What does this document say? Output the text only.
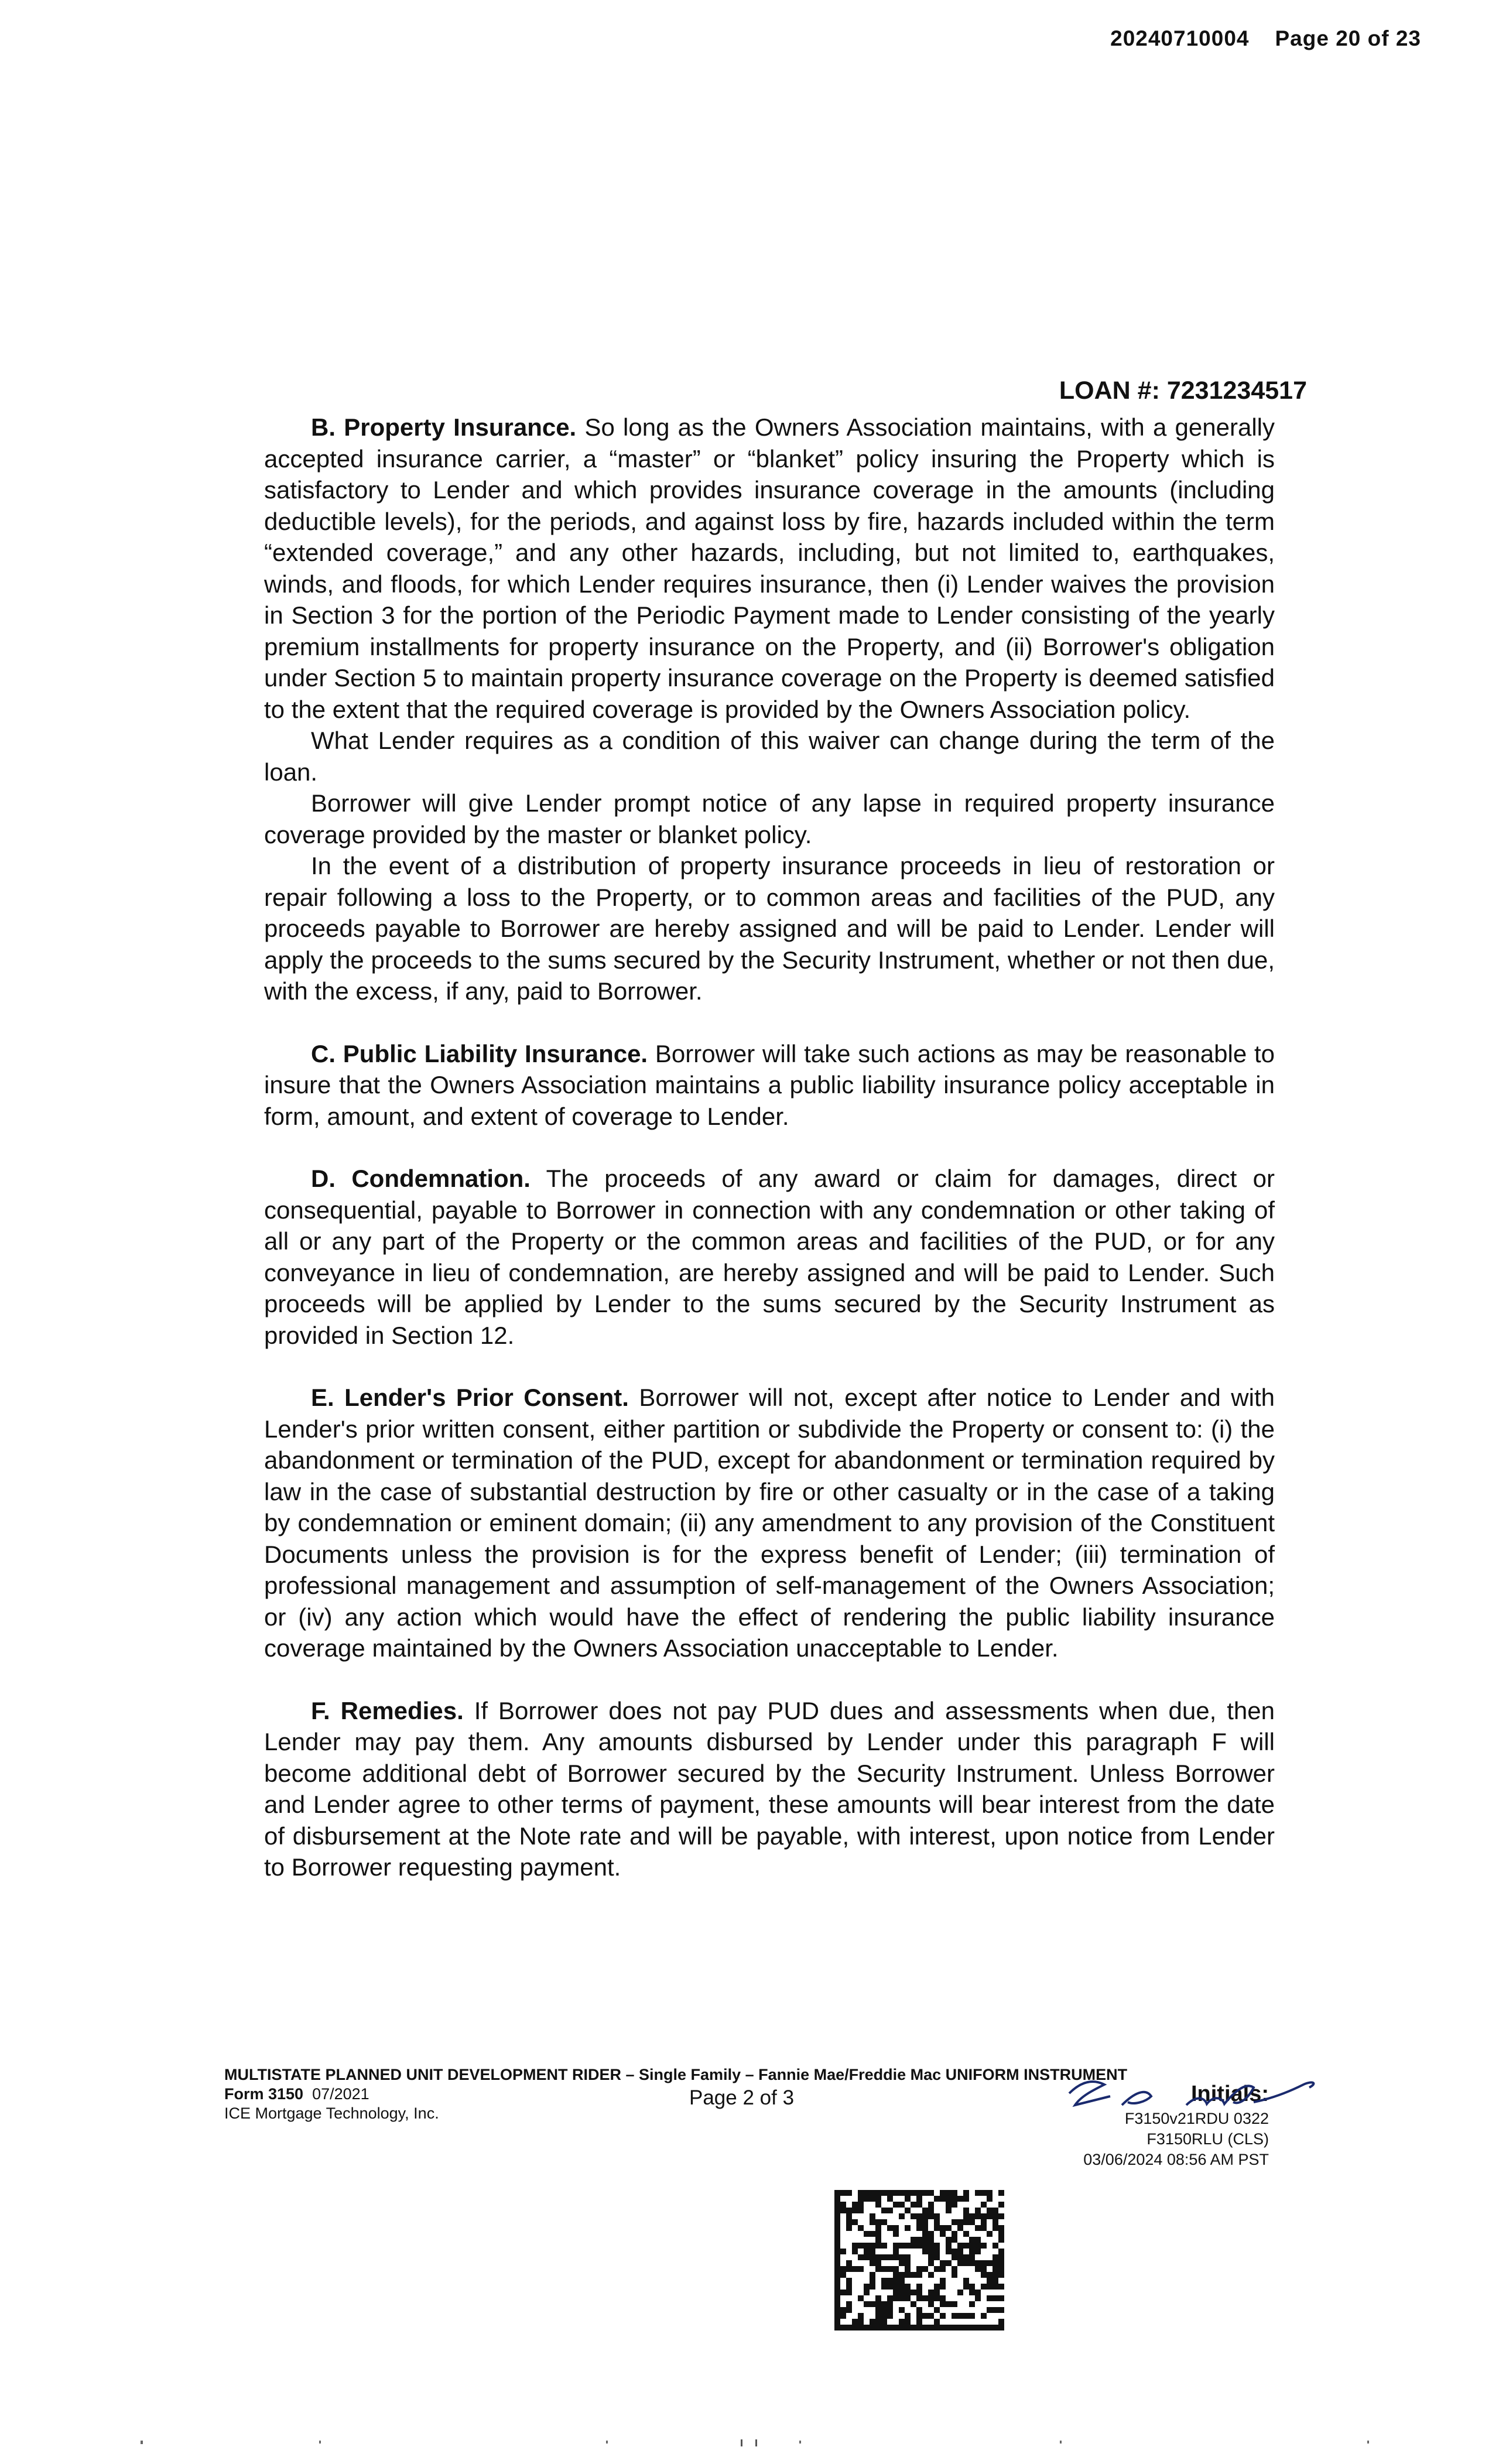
20240710004 Page 20 of 23
LOAN #: 7231234517

B. Property Insurance. So long as the Owners Association maintains, with a generally accepted insurance carrier, a “master” or “blanket” policy insuring the Property which is satisfactory to Lender and which provides insurance coverage in the amounts (including deductible levels), for the periods, and against loss by fire, hazards included within the term “extended coverage,” and any other hazards, including, but not limited to, earthquakes, winds, and floods, for which Lender requires insurance, then (i) Lender waives the provision in Section 3 for the portion of the Periodic Payment made to Lender consisting of the yearly premium installments for property insurance on the Property, and (ii) Borrower's obligation under Section 5 to maintain property insurance coverage on the Property is deemed satisfied to the extent that the required coverage is provided by the Owners Association policy.

What Lender requires as a condition of this waiver can change during the term of the loan.

Borrower will give Lender prompt notice of any lapse in required property insurance coverage provided by the master or blanket policy.

In the event of a distribution of property insurance proceeds in lieu of restoration or repair following a loss to the Property, or to common areas and facilities of the PUD, any proceeds payable to Borrower are hereby assigned and will be paid to Lender. Lender will apply the proceeds to the sums secured by the Security Instrument, whether or not then due, with the excess, if any, paid to Borrower.

C. Public Liability Insurance. Borrower will take such actions as may be reasonable to insure that the Owners Association maintains a public liability insurance policy acceptable in form, amount, and extent of coverage to Lender.

D. Condemnation. The proceeds of any award or claim for damages, direct or consequential, payable to Borrower in connection with any condemnation or other taking of all or any part of the Property or the common areas and facilities of the PUD, or for any conveyance in lieu of condemnation, are hereby assigned and will be paid to Lender. Such proceeds will be applied by Lender to the sums secured by the Security Instrument as provided in Section 12.

E. Lender's Prior Consent. Borrower will not, except after notice to Lender and with Lender's prior written consent, either partition or subdivide the Property or consent to: (i) the abandonment or termination of the PUD, except for abandonment or termination required by law in the case of substantial destruction by fire or other casualty or in the case of a taking by condemnation or eminent domain; (ii) any amendment to any provision of the Constituent Documents unless the provision is for the express benefit of Lender; (iii) termination of professional management and assumption of self-management of the Owners Association; or (iv) any action which would have the effect of rendering the public liability insurance coverage maintained by the Owners Association unacceptable to Lender.

F. Remedies. If Borrower does not pay PUD dues and assessments when due, then Lender may pay them. Any amounts disbursed by Lender under this paragraph F will become additional debt of Borrower secured by the Security Instrument. Unless Borrower and Lender agree to other terms of payment, these amounts will bear interest from the date of disbursement at the Note rate and will be payable, with interest, upon notice from Lender to Borrower requesting payment.

MULTISTATE PLANNED UNIT DEVELOPMENT RIDER – Single Family – Fannie Mae/Freddie Mac UNIFORM INSTRUMENT
Form 3150 07/2021
ICE Mortgage Technology, Inc.
Page 2 of 3	Initials:
F3150v21RDU 0322
F3150RLU (CLS)
03/06/2024 08:56 AM PST
